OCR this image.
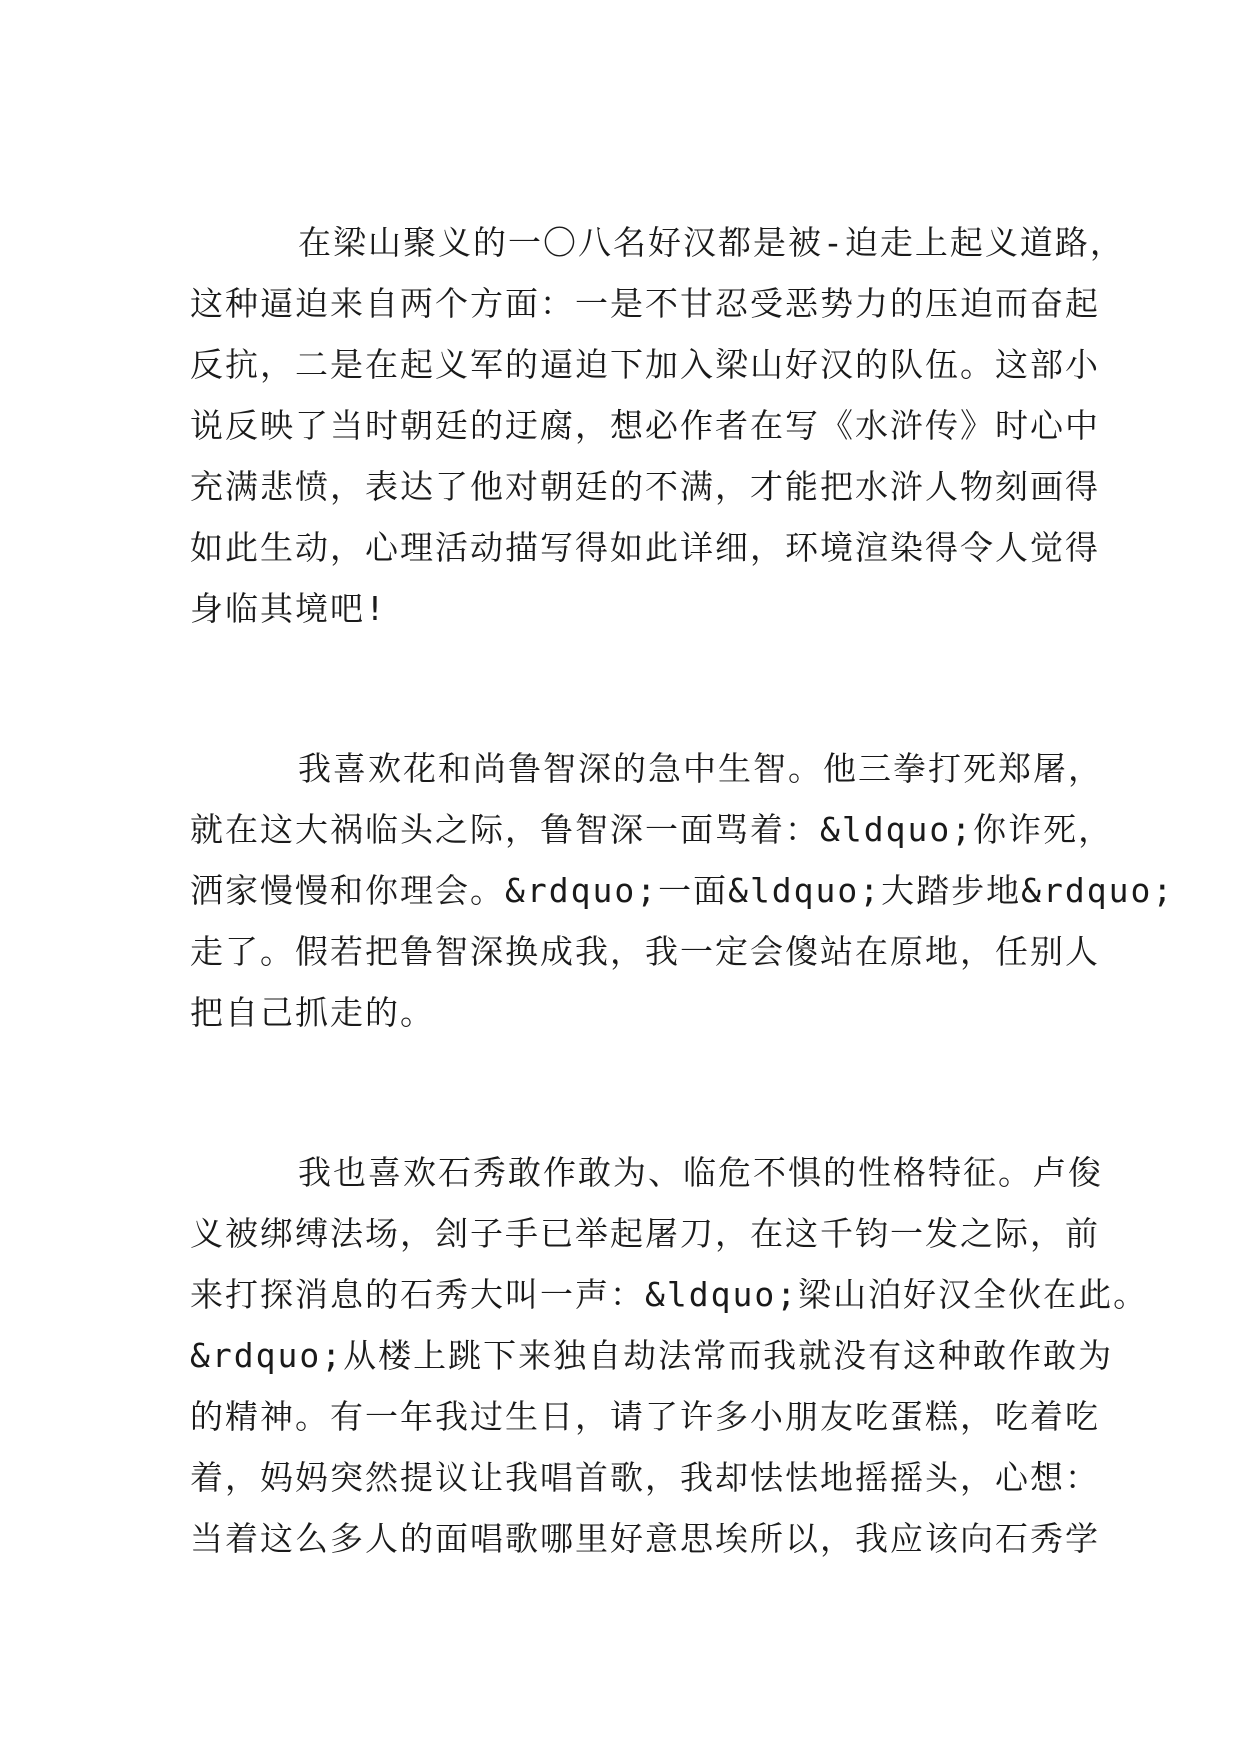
在梁山聚义的一〇八名好汉都是被-迫走上起义道路，
这种逼迫来自两个方面：一是不甘忍受恶势力的压迫而奋起
反抗，二是在起义军的逼迫下加入梁山好汉的队伍。这部小
说反映了当时朝廷的迂腐，想必作者在写《水浒传》时心中
充满悲愤，表达了他对朝廷的不满，才能把水浒人物刻画得
如此生动，心理活动描写得如此详细，环境渲染得令人觉得
身临其境吧!
我喜欢花和尚鲁智深的急中生智。他三拳打死郑屠，
就在这大祸临头之际，鲁智深一面骂着：&ldquo;你诈死，
洒家慢慢和你理会。&rdquo;一面&ldquo;大踏步地&rdquo;
走了。假若把鲁智深换成我，我一定会傻站在原地，任别人
把自己抓走的。
我也喜欢石秀敢作敢为、临危不惧的性格特征。卢俊
义被绑缚法场，刽子手已举起屠刀，在这千钧一发之际，前
来打探消息的石秀大叫一声：&ldquo;梁山泊好汉全伙在此。
&rdquo;从楼上跳下来独自劫法常而我就没有这种敢作敢为
的精神。有一年我过生日，请了许多小朋友吃蛋糕，吃着吃
着，妈妈突然提议让我唱首歌，我却怯怯地摇摇头，心想：
当着这么多人的面唱歌哪里好意思埃所以，我应该向石秀学
